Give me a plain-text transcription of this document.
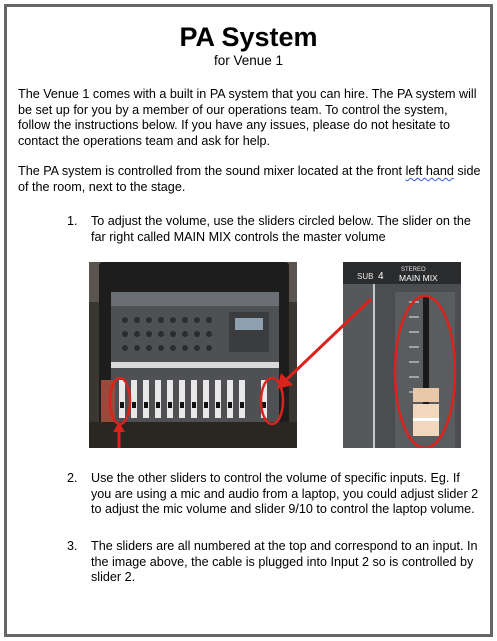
PA System
for Venue 1

The Venue 1 comes with a built in PA system that you can hire. The PA system will be set up for you by a member of our operations team. To control the system, follow the instructions below. If you have any issues, please do not hesitate to contact the operations team and ask for help.

The PA system is controlled from the sound mixer located at the front left hand side of the room, next to the stage.

1. To adjust the volume, use the sliders circled below. The slider on the far right called MAIN MIX controls the master volume
SUB 4
STEREO
MAIN MIX
2. Use the other sliders to control the volume of specific inputs. Eg. If you are using a mic and audio from a laptop, you could adjust slider 2 to adjust the mic volume and slider 9/10 to control the laptop volume.
3. The sliders are all numbered at the top and correspond to an input. In the image above, the cable is plugged into Input 2 so is controlled by slider 2.
